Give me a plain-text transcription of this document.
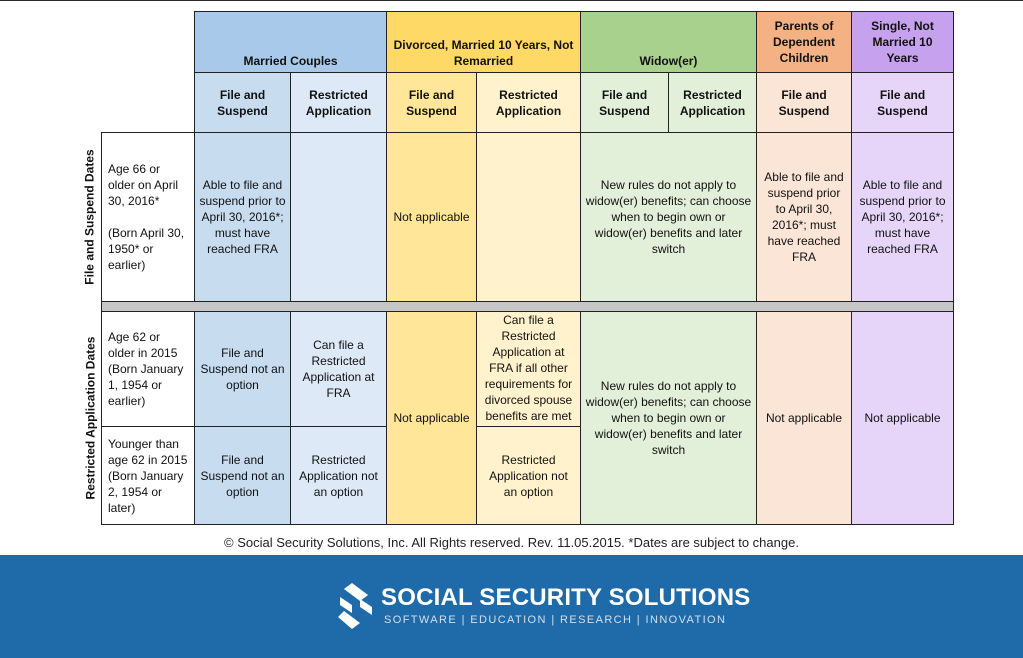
Married Couples
Divorced, Married 10 Years, Not Remarried	Widow(er)
Parents of Dependent Children
Single, Not Married 10 Years
File and Suspend
Restricted Application
File and Suspend
Restricted Application
File and Suspend
Restricted Application
File and Suspend
File and Suspend
File and Suspend Dates
Restricted Application Dates
Age 66 or older on April 30, 2016*

(Born April 30, 1950* or earlier)
Able to file and suspend prior to April 30, 2016*; must have reached FRA
Not applicable
New rules do not apply to widow(er) benefits; can choose when to begin own or widow(er) benefits and later switch
Able to file and suspend prior to April 30, 2016*; must have reached FRA
Able to file and suspend prior to April 30, 2016*; must have reached FRA
Age 62 or older in 2015 (Born January 1, 1954 or earlier)
File and Suspend not an option
Can file a Restricted Application at FRA
Can file a Restricted Application at FRA if all other requirements for divorced spouse benefits are met
Younger than age 62 in 2015 (Born January 2, 1954 or later)
File and Suspend not an option
Restricted Application not an option
Restricted Application not an option
Not applicable
New rules do not apply to widow(er) benefits; can choose when to begin own or widow(er) benefits and later switch
Not applicable Not applicable
© Social Security Solutions, Inc. All Rights reserved. Rev. 11.05.2015. *Dates are subject to change.
SOCIAL SECURITY SOLUTIONS
SOFTWARE | EDUCATION | RESEARCH | INNOVATION
